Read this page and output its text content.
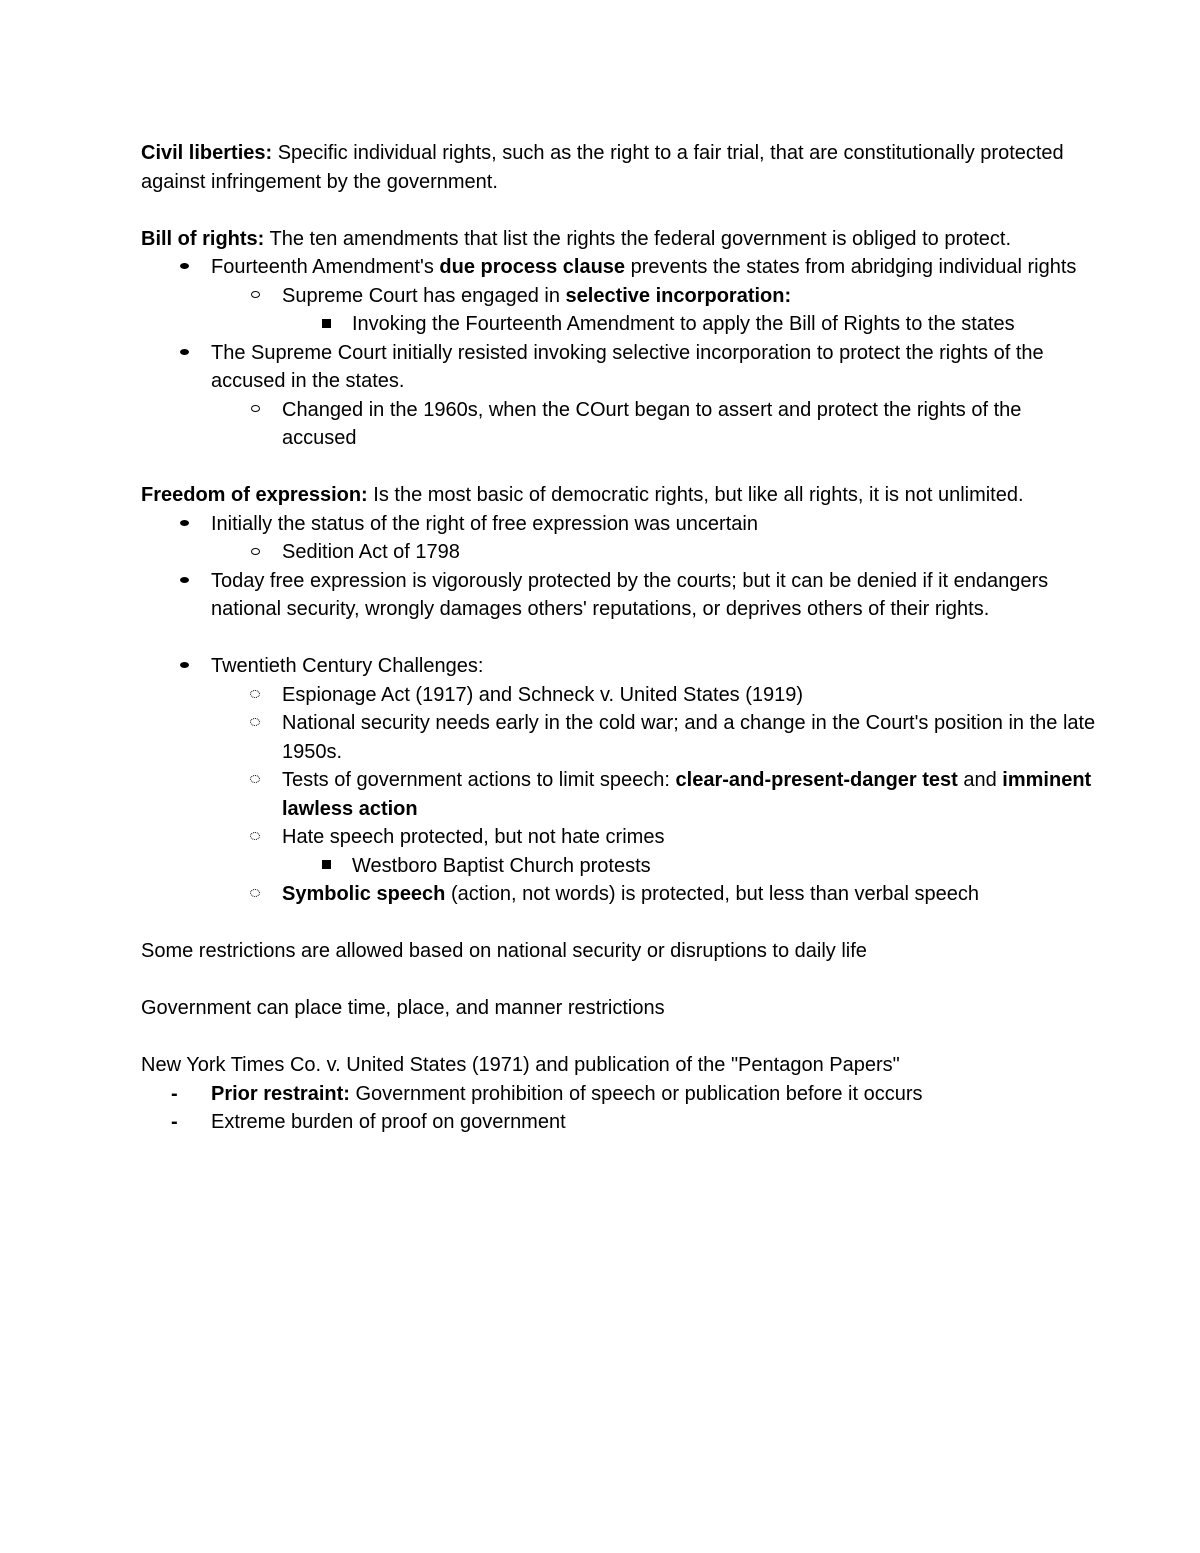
Civil liberties: Specific individual rights, such as the right to a fair trial, that are constitutionally protected against infringement by the government.

Bill of rights: The ten amendments that list the rights the federal government is obliged to protect.

Fourteenth Amendment's due process clause prevents the states from abridging individual rights
Supreme Court has engaged in selective incorporation:
Invoking the Fourteenth Amendment to apply the Bill of Rights to the states
The Supreme Court initially resisted invoking selective incorporation to protect the rights of the accused in the states.
Changed in the 1960s, when the COurt began to assert and protect the rights of the accused

Freedom of expression: Is the most basic of democratic rights, but like all rights, it is not unlimited.

Initially the status of the right of free expression was uncertain
Sedition Act of 1798
Today free expression is vigorously protected by the courts; but it can be denied if it endangers national security, wrongly damages others' reputations, or deprives others of their rights.
Twentieth Century Challenges:
Espionage Act (1917) and Schneck v. United States (1919)
National security needs early in the cold war; and a change in the Court's position in the late 1950s.
Tests of government actions to limit speech: clear-and-present-danger test and imminent lawless action
Hate speech protected, but not hate crimes
Westboro Baptist Church protests
Symbolic speech (action, not words) is protected, but less than verbal speech

Some restrictions are allowed based on national security or disruptions to daily life

Government can place time, place, and manner restrictions

New York Times Co. v. United States (1971) and publication of the "Pentagon Papers"

-	Prior restraint: Government prohibition of speech or publication before it occurs
-	Extreme burden of proof on government
